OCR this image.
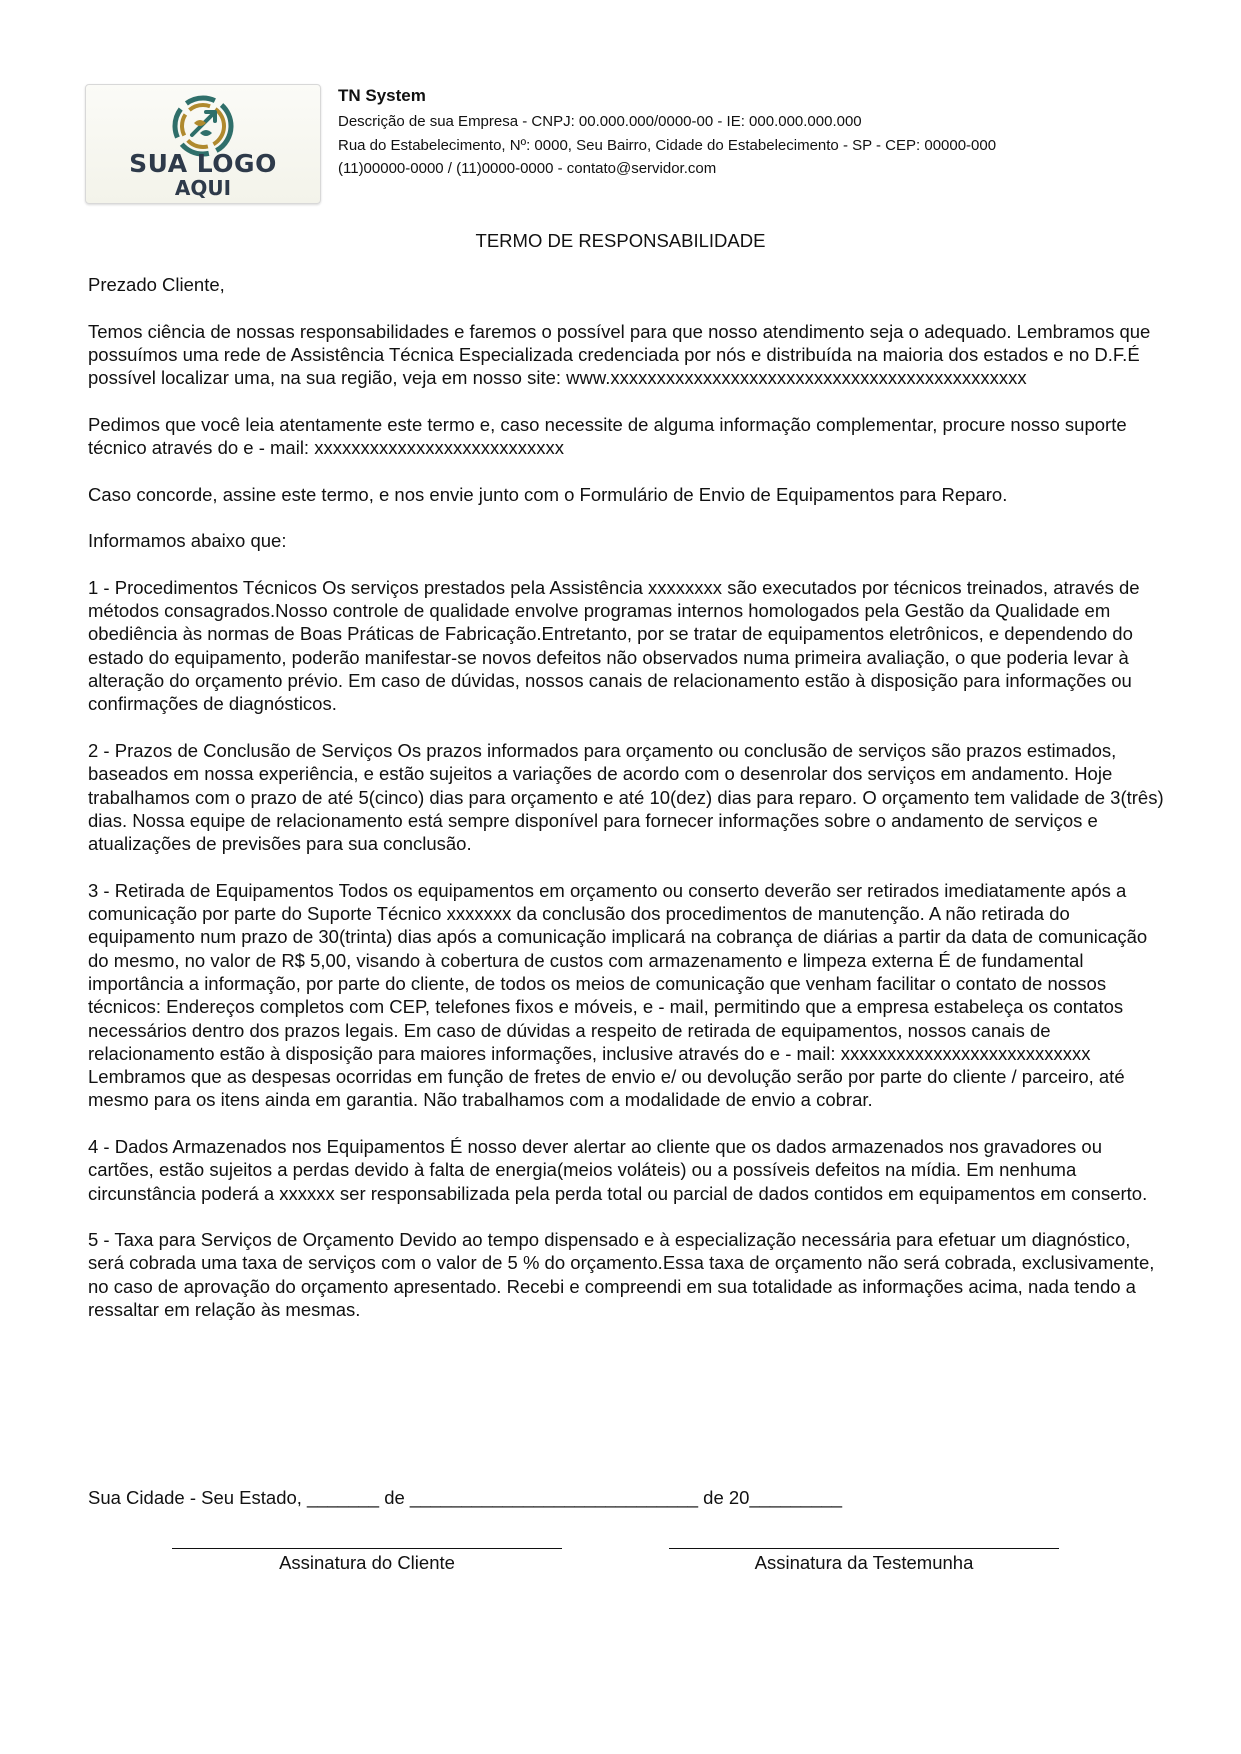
SUA LOGO
AQUI
TN System
Descrição de sua Empresa - CNPJ: 00.000.000/0000-00 - IE: 000.000.000.000
Rua do Estabelecimento, Nº: 0000, Seu Bairro, Cidade do Estabelecimento - SP - CEP: 00000-000
(11)00000-0000 / (11)0000-0000 - contato@servidor.com
TERMO DE RESPONSABILIDADE

Prezado Cliente,

Temos ciência de nossas responsabilidades e faremos o possível para que nosso atendimento seja o adequado. Lembramos que possuímos uma rede de Assistência Técnica Especializada credenciada por nós e distribuída na maioria dos estados e no D.F.É possível localizar uma, na sua região, veja em nosso site: www.xxxxxxxxxxxxxxxxxxxxxxxxxxxxxxxxxxxxxxxxxxxxx

Pedimos que você leia atentamente este termo e, caso necessite de alguma informação complementar, procure nosso suporte técnico através do e - mail: xxxxxxxxxxxxxxxxxxxxxxxxxxx

Caso concorde, assine este termo, e nos envie junto com o Formulário de Envio de Equipamentos para Reparo.

Informamos abaixo que:

1 - Procedimentos Técnicos Os serviços prestados pela Assistência xxxxxxxx são executados por técnicos treinados, através de métodos consagrados.Nosso controle de qualidade envolve programas internos homologados pela Gestão da Qualidade em obediência às normas de Boas Práticas de Fabricação.Entretanto, por se tratar de equipamentos eletrônicos, e dependendo do estado do equipamento, poderão manifestar-se novos defeitos não observados numa primeira avaliação, o que poderia levar à alteração do orçamento prévio. Em caso de dúvidas, nossos canais de relacionamento estão à disposição para informações ou confirmações de diagnósticos.

2 - Prazos de Conclusão de Serviços Os prazos informados para orçamento ou conclusão de serviços são prazos estimados, baseados em nossa experiência, e estão sujeitos a variações de acordo com o desenrolar dos serviços em andamento. Hoje trabalhamos com o prazo de até 5(cinco) dias para orçamento e até 10(dez) dias para reparo. O orçamento tem validade de 3(três) dias. Nossa equipe de relacionamento está sempre disponível para fornecer informações sobre o andamento de serviços e atualizações de previsões para sua conclusão.

3 - Retirada de Equipamentos Todos os equipamentos em orçamento ou conserto deverão ser retirados imediatamente após a comunicação por parte do Suporte Técnico xxxxxxx da conclusão dos procedimentos de manutenção. A não retirada do equipamento num prazo de 30(trinta) dias após a comunicação implicará na cobrança de diárias a partir da data de comunicação do mesmo, no valor de R$ 5,00, visando à cobertura de custos com armazenamento e limpeza externa É de fundamental importância a informação, por parte do cliente, de todos os meios de comunicação que venham facilitar o contato de nossos técnicos: Endereços completos com CEP, telefones fixos e móveis, e - mail, permitindo que a empresa estabeleça os contatos necessários dentro dos prazos legais. Em caso de dúvidas a respeito de retirada de equipamentos, nossos canais de relacionamento estão à disposição para maiores informações, inclusive através do e - mail: xxxxxxxxxxxxxxxxxxxxxxxxxxx Lembramos que as despesas ocorridas em função de fretes de envio e/ ou devolução serão por parte do cliente / parceiro, até mesmo para os itens ainda em garantia. Não trabalhamos com a modalidade de envio a cobrar.

4 - Dados Armazenados nos Equipamentos É nosso dever alertar ao cliente que os dados armazenados nos gravadores ou cartões, estão sujeitos a perdas devido à falta de energia(meios voláteis) ou a possíveis defeitos na mídia. Em nenhuma circunstância poderá a xxxxxx ser responsabilizada pela perda total ou parcial de dados contidos em equipamentos em conserto.

5 - Taxa para Serviços de Orçamento Devido ao tempo dispensado e à especialização necessária para efetuar um diagnóstico, será cobrada uma taxa de serviços com o valor de 5 % do orçamento.Essa taxa de orçamento não será cobrada, exclusivamente, no caso de aprovação do orçamento apresentado. Recebi e compreendi em sua totalidade as informações acima, nada tendo a ressaltar em relação às mesmas.

Sua Cidade - Seu Estado, _______ de ____________________________ de 20_________
Assinatura do Cliente	Assinatura da Testemunha
